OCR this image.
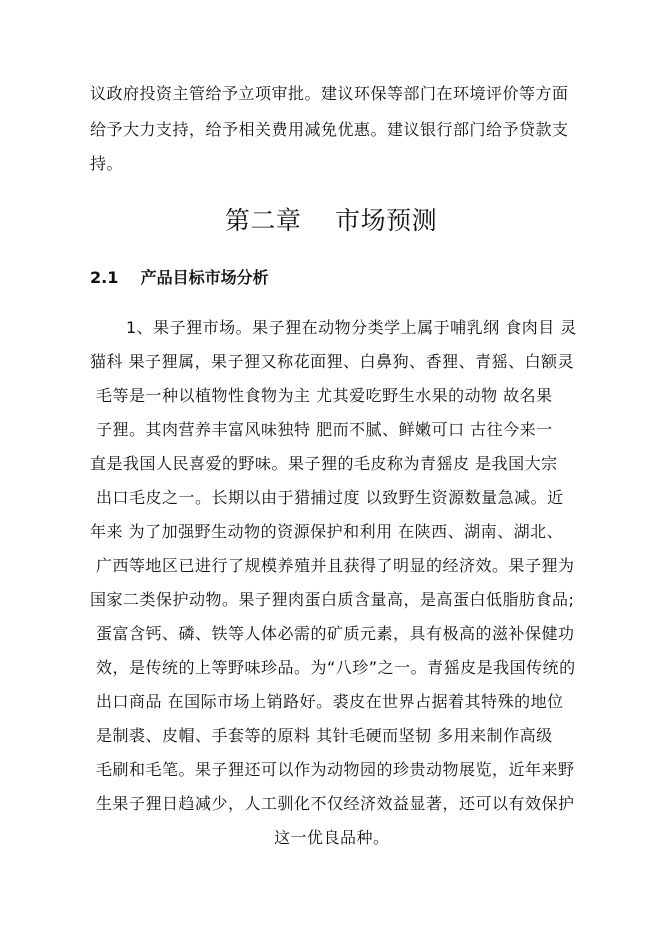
议政府投资主管给予立项审批。建议环保等部门在环境评价等方面
给予大力支持，给予相关费用减免优惠。建议银行部门给予贷款支
持。
第二章    市场预测
2.1    产品目标市场分析
1、果子狸市场。果子狸在动物分类学上属于哺乳纲 食肉目 灵
猫科 果子狸属，果子狸又称花面狸、白鼻狗、香狸、青猺、白额灵
毛等是一种以植物性食物为主 尤其爱吃野生水果的动物 故名果
子狸。其肉营养丰富风味独特 肥而不腻、鲜嫩可口 古往今来一
直是我国人民喜爱的野味。果子狸的毛皮称为青猺皮 是我国大宗
出口毛皮之一。长期以由于猎捕过度 以致野生资源数量急减。近
年来 为了加强野生动物的资源保护和利用 在陕西、湖南、湖北、
广西等地区已进行了规模养殖并且获得了明显的经济效。果子狸为
国家二类保护动物。果子狸肉蛋白质含量高，是高蛋白低脂肪食品;
蛋富含钙、磷、铁等人体必需的矿质元素，具有极高的滋补保健功
效，是传统的上等野味珍品。为“八珍”之一。青猺皮是我国传统的
出口商品 在国际市场上销路好。裘皮在世界占据着其特殊的地位
是制裘、皮帽、手套等的原料 其针毛硬而坚韧 多用来制作高级
毛刷和毛笔。果子狸还可以作为动物园的珍贵动物展览，近年来野
生果子狸日趋减少，人工驯化不仅经济效益显著，还可以有效保护
这一优良品种。
